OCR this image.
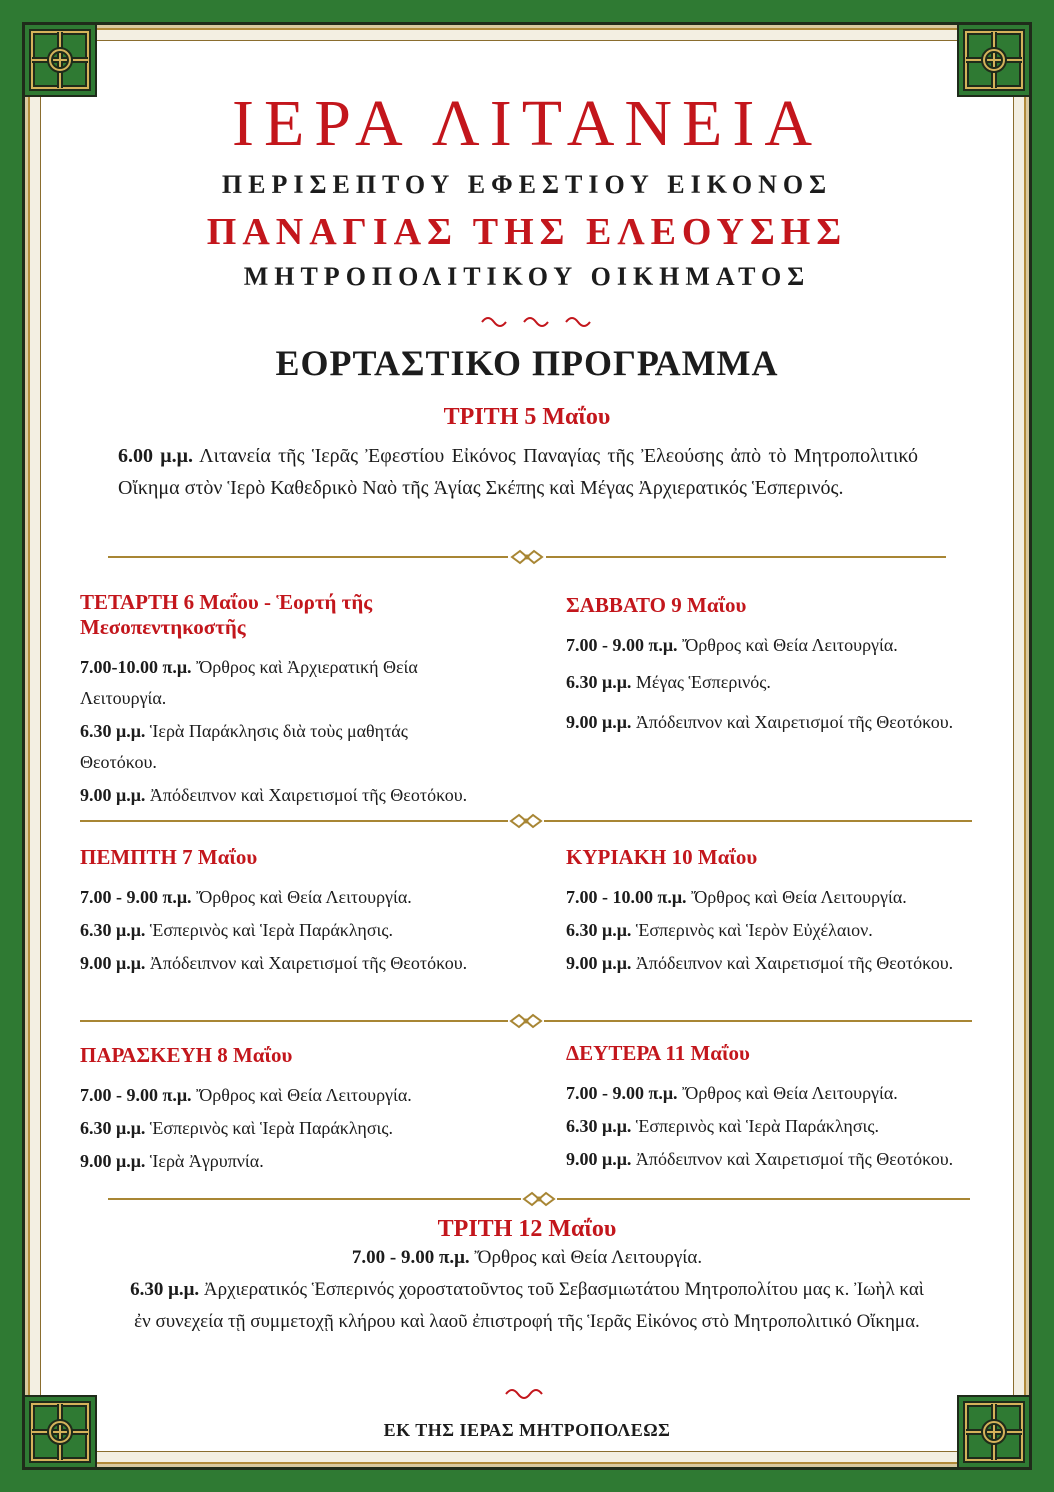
ΙΕΡΑ ΛΙΤΑΝΕΙΑ
ΠΕΡΙΣΕΠΤΟΥ ΕΦΕΣΤΙΟΥ ΕΙΚΟΝΟΣ
ΠΑΝΑΓΙΑΣ ΤΗΣ ΕΛΕΟΥΣΗΣ
ΜΗΤΡΟΠΟΛΙΤΙΚΟΥ ΟΙΚΗΜΑΤΟΣ
ΕΟΡΤΑΣΤΙΚΟ ΠΡΟΓΡΑΜΜΑ
ΤΡΙΤΗ 5 Μαΐου
6.00 μ.μ. Λιτανεία τῆς Ἱερᾶς Ἐφεστίου Εἰκόνος Παναγίας τῆς Ἐλεούσης ἀπὸ τὸ Μητροπολιτικό Οἴκημα στὸν Ἱερὸ Καθεδρικὸ Ναὸ τῆς Ἁγίας Σκέπης καὶ Μέγας Ἀρχιερατικός Ἑσπερινός.
ΤΕΤΑΡΤΗ 6 Μαΐου - Ἑορτή τῆς Μεσοπεντηκοστῆς
7.00-10.00 π.μ. Ὄρθρος καὶ Ἀρχιερατική Θεία Λειτουργία.
6.30 μ.μ. Ἱερὰ Παράκλησις διὰ τοὺς μαθητάς Θεοτόκου.
9.00 μ.μ. Ἀπόδειπνον καὶ Χαιρετισμοί τῆς Θεοτόκου.
ΣΑΒΒΑΤΟ 9 Μαΐου
7.00 - 9.00 π.μ. Ὄρθρος καὶ Θεία Λειτουργία.
6.30 μ.μ. Μέγας Ἑσπερινός.
9.00 μ.μ. Ἀπόδειπνον καὶ Χαιρετισμοί τῆς Θεοτόκου.
ΠΕΜΠΤΗ 7 Μαΐου
7.00 - 9.00 π.μ. Ὄρθρος καὶ Θεία Λειτουργία.
6.30 μ.μ. Ἑσπερινὸς καὶ Ἱερὰ Παράκλησις.
9.00 μ.μ. Ἀπόδειπνον καὶ Χαιρετισμοί τῆς Θεοτόκου.
ΚΥΡΙΑΚΗ 10 Μαΐου
7.00 - 10.00 π.μ. Ὄρθρος καὶ Θεία Λειτουργία.
6.30 μ.μ. Ἑσπερινὸς καὶ Ἱερὸν Εὐχέλαιον.
9.00 μ.μ. Ἀπόδειπνον καὶ Χαιρετισμοί τῆς Θεοτόκου.
ΠΑΡΑΣΚΕΥΗ 8 Μαΐου
7.00 - 9.00 π.μ. Ὄρθρος καὶ Θεία Λειτουργία.
6.30 μ.μ. Ἑσπερινὸς καὶ Ἱερὰ Παράκλησις.
9.00 μ.μ. Ἱερὰ Ἀγρυπνία.
ΔΕΥΤΕΡΑ 11 Μαΐου
7.00 - 9.00 π.μ. Ὄρθρος καὶ Θεία Λειτουργία.
6.30 μ.μ. Ἑσπερινὸς καὶ Ἱερὰ Παράκλησις.
9.00 μ.μ. Ἀπόδειπνον καὶ Χαιρετισμοί τῆς Θεοτόκου.
ΤΡΙΤΗ 12 Μαΐου
7.00 - 9.00 π.μ. Ὄρθρος καὶ Θεία Λειτουργία.
6.30 μ.μ. Ἀρχιερατικός Ἑσπερινός χοροστατοῦντος τοῦ Σεβασμιωτάτου Μητροπολίτου μας κ. Ἰωὴλ καὶ ἐν συνεχεία τῇ συμμετοχῇ κλήρου καὶ λαοῦ ἐπιστροφή τῆς Ἱερᾶς Εἰκόνος στὸ Μητροπολιτικό Οἴκημα.
ΕΚ ΤΗΣ ΙΕΡΑΣ ΜΗΤΡΟΠΟΛΕΩΣ
